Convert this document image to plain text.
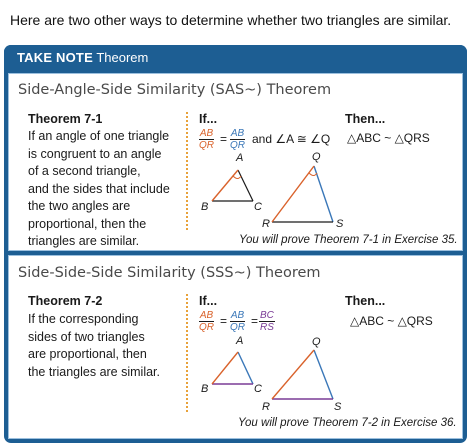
Here are two other ways to determine whether two triangles are similar.
TAKE NOTE Theorem
Side-Angle-Side Similarity (SAS~) Theorem
Theorem 7-1
If an angle of one triangle
is congruent to an angle
of a second triangle,
and the sides that include
the two angles are
proportional, then the
triangles are similar.
If...	Then...
$\frac{AB}{QR} = \frac{AB}{QR}$ and ∠A ≅ ∠Q △ABC ~ △QRS
A
B	C
Q
R	S
You will prove Theorem 7-1 in Exercise 35.
Side-Side-Side Similarity (SSS~) Theorem
Theorem 7-2
If the corresponding
sides of two triangles
are proportional, then
the triangles are similar.
If...	Then...
$\frac{AB}{QR} = \frac{AB}{QR} = \frac{BC}{RS}$	△ABC ~ △QRS
A
B	C
Q
R	S
You will prove Theorem 7-2 in Exercise 36.
